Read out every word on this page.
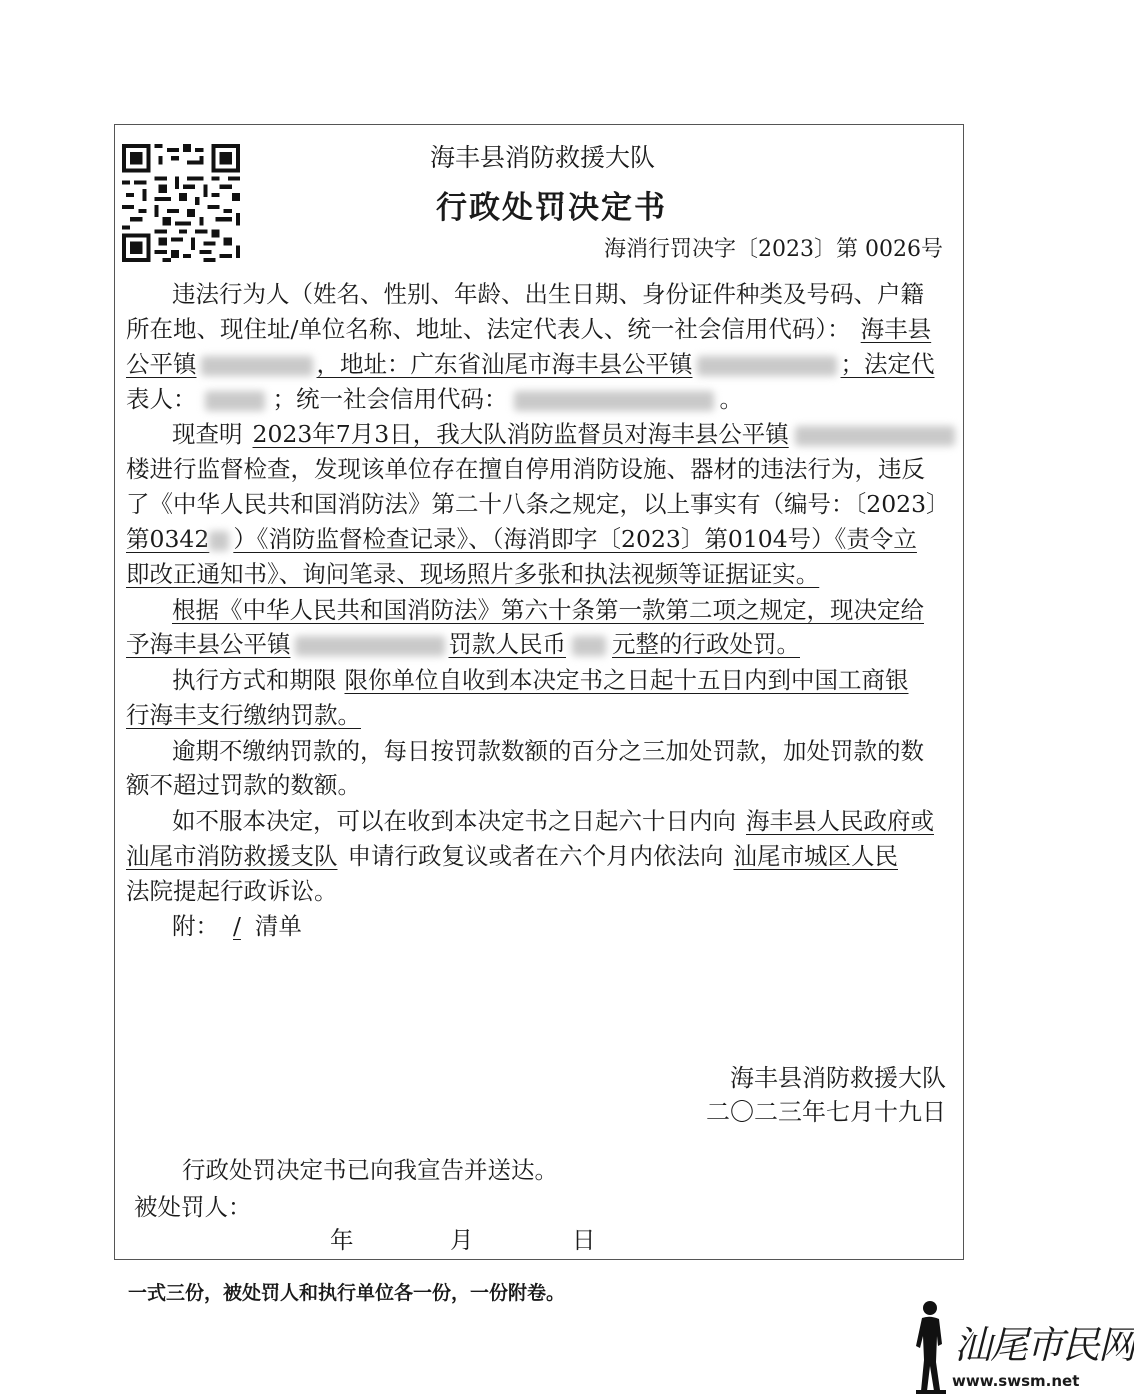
海丰县消防救援大队
行政处罚决定书
海消行罚决字〔2023〕第 0026号
违法行为人（姓名、性别、年龄、出生日期、身份证件种类及号码、户籍
所在地、现住址/单位名称、地址、法定代表人、统一社会信用代码）： 海丰县
公平镇	，地址：广东省汕尾市海丰县公平镇	；法定代
表人：	；统一社会信用代码：	。
现查明 2023年7月3日，我大队消防监督员对海丰县公平镇
楼进行监督检查，发现该单位存在擅自停用消防设施、器材的违法行为，违反
了《中华人民共和国消防法》第二十八条之规定，以上事实有（编号：〔2023〕
第0342 ）《消防监督检查记录》、（海消即字〔2023〕第0104号）《责令立
即改正通知书》、询问笔录、现场照片多张和执法视频等证据证实。
根据《中华人民共和国消防法》第六十条第一款第二项之规定，现决定给
予海丰县公平镇	罚款人民币 元整的行政处罚。
执行方式和期限 限你单位自收到本决定书之日起十五日内到中国工商银
行海丰支行缴纳罚款。
逾期不缴纳罚款的，每日按罚款数额的百分之三加处罚款，加处罚款的数
额不超过罚款的数额。
如不服本决定，可以在收到本决定书之日起六十日内向 海丰县人民政府或
汕尾市消防救援支队 申请行政复议或者在六个月内依法向 汕尾市城区人民
法院提起行政诉讼。
附： / 清单
海丰县消防救援大队
二〇二三年七月十九日
行政处罚决定书已向我宣告并送达。
被处罚人：
年	月	日
一式三份，被处罚人和执行单位各一份，一份附卷。
汕尾市民网
www.swsm.net
